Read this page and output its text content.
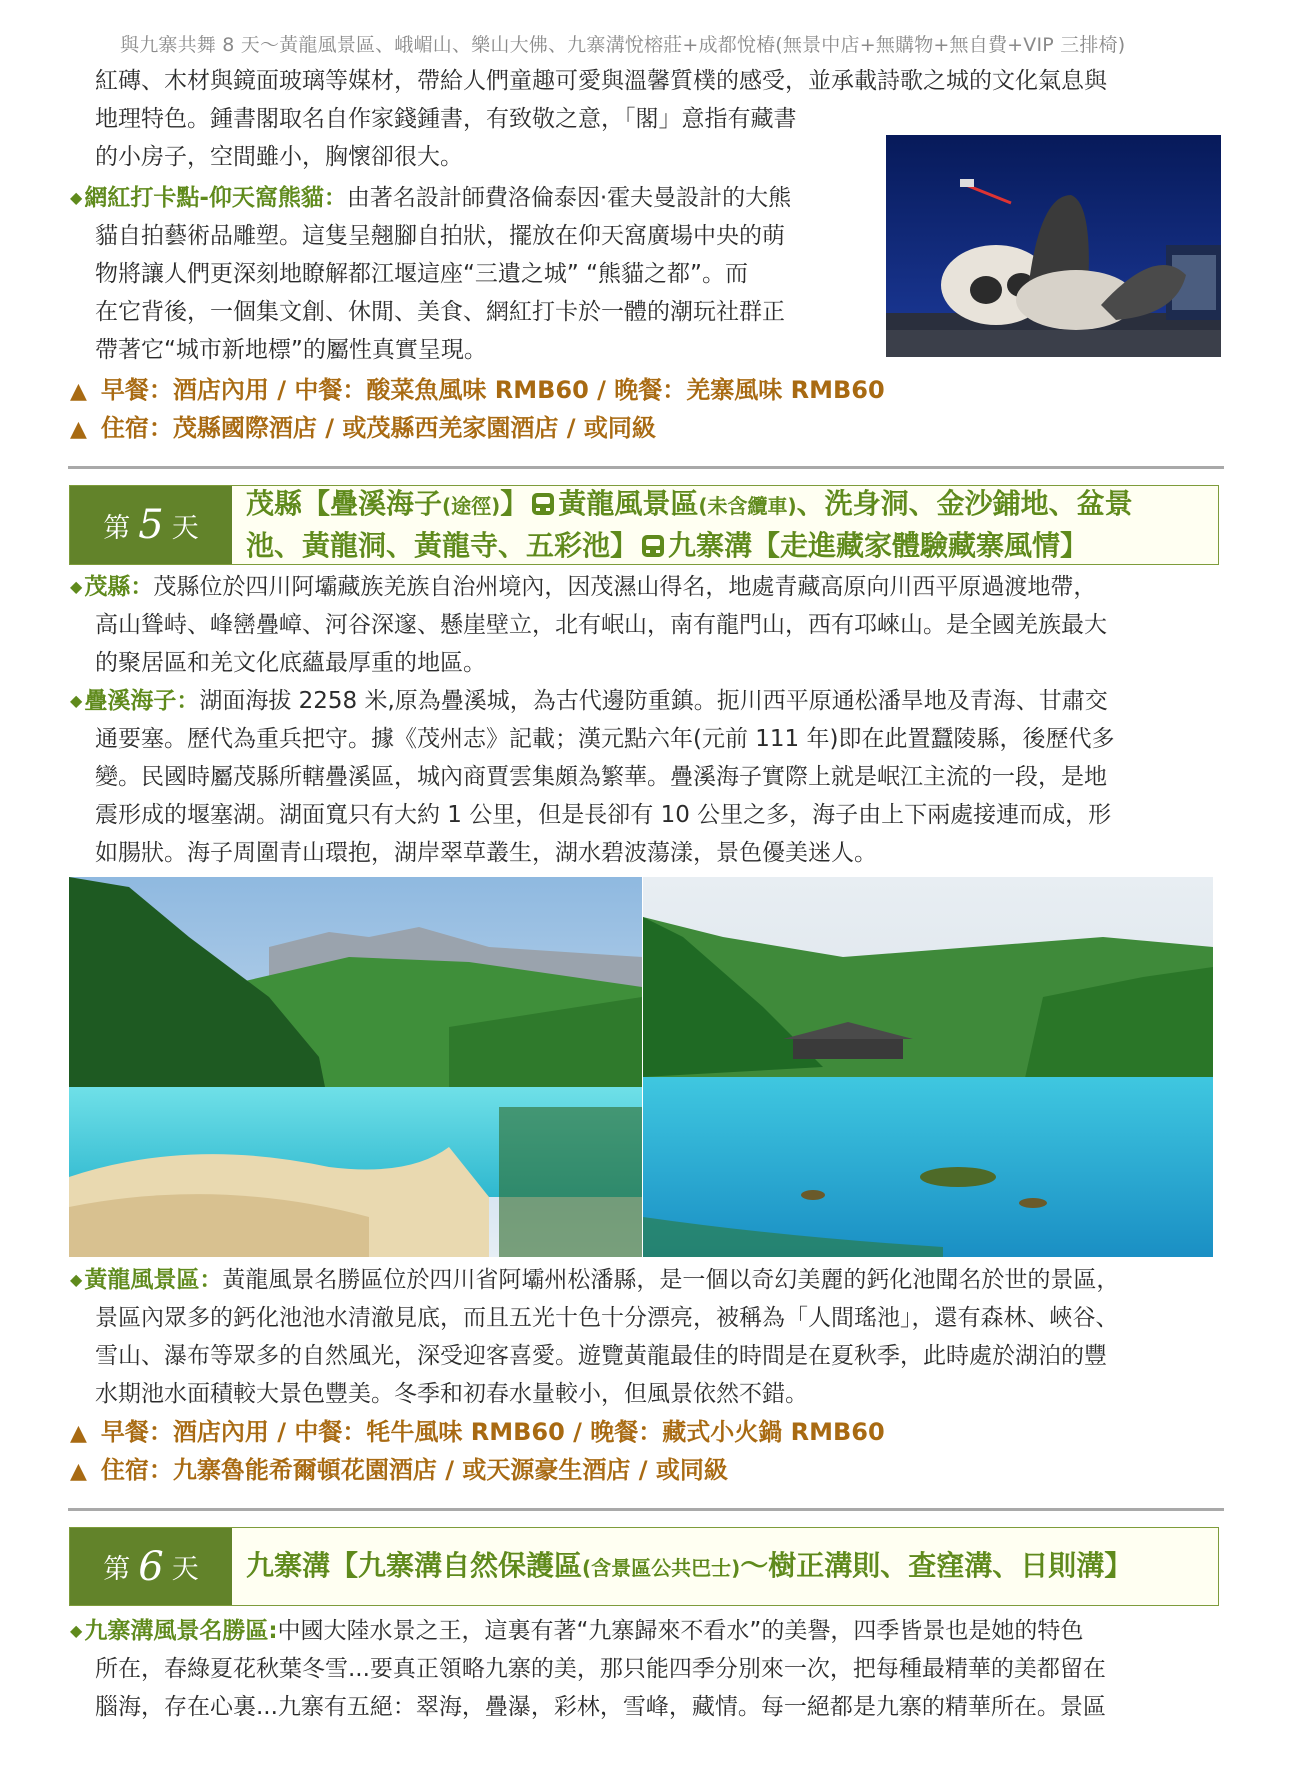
與九寨共舞 8 天～黃龍風景區、峨嵋山、樂山大佛、九寨溝悅榕莊+成都悅椿(無景中店+無購物+無自費+VIP 三排椅)
紅磚、木材與鏡面玻璃等媒材，帶給人們童趣可愛與溫馨質樸的感受，並承載詩歌之城的文化氣息與
地理特色。鍾書閣取名自作家錢鍾書，有致敬之意，「閣」意指有藏書
的小房子，空間雖小，胸懷卻很大。
◆網紅打卡點-仰天窩熊貓：由著名設計師費洛倫泰因·霍夫曼設計的大熊
貓自拍藝術品雕塑。這隻呈翹腳自拍狀，擺放在仰天窩廣場中央的萌
物將讓人們更深刻地瞭解都江堰這座“三遺之城” “熊貓之都”。而
在它背後，一個集文創、休閒、美食、網紅打卡於一體的潮玩社群正
帶著它“城市新地標”的屬性真實呈現。
▲ 早餐：酒店內用 / 中餐：酸菜魚風味 RMB60 / 晚餐：羌寨風味 RMB60
▲ 住宿：茂縣國際酒店 / 或茂縣西羌家園酒店 / 或同級
第 5 天
茂縣【疊溪海子(途徑)】 黃龍風景區(未含纜車)、洗身洞、金沙鋪地、盆景
池、黃龍洞、黃龍寺、五彩池】 九寨溝【走進藏家體驗藏寨風情】
◆茂縣：茂縣位於四川阿壩藏族羌族自治州境內，因茂濕山得名，地處青藏高原向川西平原過渡地帶，
高山聳峙、峰巒疊嶂、河谷深邃、懸崖壁立，北有岷山，南有龍門山，西有邛崍山。是全國羌族最大
的聚居區和羌文化底蘊最厚重的地區。
◆疊溪海子：湖面海拔 2258 米,原為疊溪城，為古代邊防重鎮。扼川西平原通松潘旱地及青海、甘肅交
通要塞。歷代為重兵把守。據《茂州志》記載；漢元點六年(元前 111 年)即在此置蠶陵縣，後歷代多
變。民國時屬茂縣所轄疊溪區，城內商賈雲集頗為繁華。疊溪海子實際上就是岷江主流的一段，是地
震形成的堰塞湖。湖面寬只有大約 1 公里，但是長卻有 10 公里之多，海子由上下兩處接連而成，形
如腸狀。海子周圍青山環抱，湖岸翠草叢生，湖水碧波蕩漾，景色優美迷人。
◆黃龍風景區：黃龍風景名勝區位於四川省阿壩州松潘縣，是一個以奇幻美麗的鈣化池聞名於世的景區，
景區內眾多的鈣化池池水清澈見底，而且五光十色十分漂亮，被稱為「人間瑤池」，還有森林、峽谷、
雪山、瀑布等眾多的自然風光，深受迎客喜愛。遊覽黃龍最佳的時間是在夏秋季，此時處於湖泊的豐
水期池水面積較大景色豐美。冬季和初春水量較小，但風景依然不錯。
▲ 早餐：酒店內用 / 中餐：牦牛風味 RMB60 / 晚餐：藏式小火鍋 RMB60
▲ 住宿：九寨魯能希爾頓花園酒店 / 或天源豪生酒店 / 或同級
第 6 天 九寨溝【九寨溝自然保護區(含景區公共巴士)～樹正溝則、查窪溝、日則溝】
◆九寨溝風景名勝區:中國大陸水景之王，這裏有著“九寨歸來不看水”的美譽，四季皆景也是她的特色
所在，春綠夏花秋葉冬雪...要真正領略九寨的美，那只能四季分別來一次，把每種最精華的美都留在
腦海，存在心裏...九寨有五絕：翠海，疊瀑，彩林，雪峰，藏情。每一絕都是九寨的精華所在。景區
